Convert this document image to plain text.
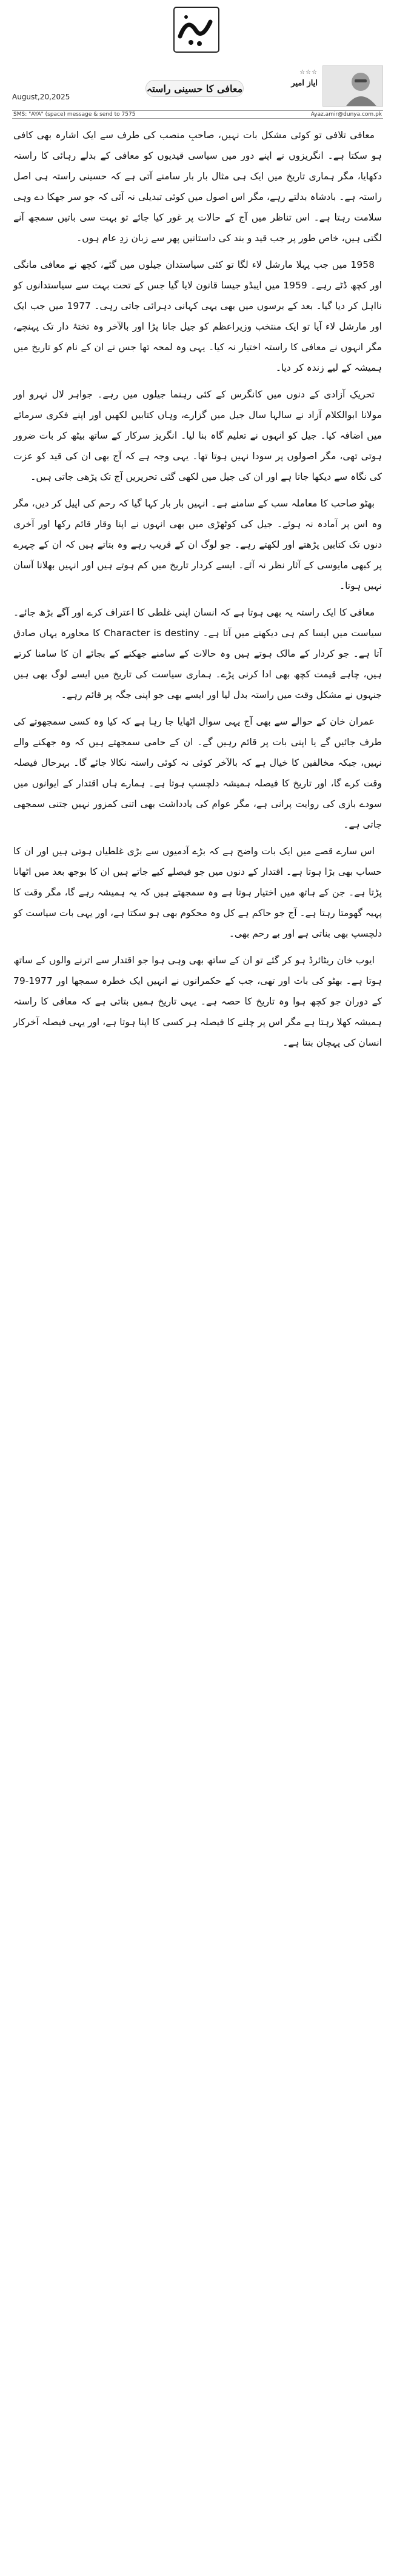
☆☆☆
ایاز امیر
معافی کا حسینی راستہ
August,20,2025
SMS: "AYA" (space) message & send to 7575	Ayaz.amir@dunya.com.pk

معافی تلافی تو کوئی مشکل بات نہیں، صاحبِ منصب کی طرف سے ایک اشارہ بھی کافی ہو سکتا ہے۔ انگریزوں نے اپنے دور میں سیاسی قیدیوں کو معافی کے بدلے رہائی کا راستہ دکھایا، مگر ہماری تاریخ میں ایک ہی مثال بار بار سامنے آتی ہے کہ حسینی راستہ ہی اصل راستہ ہے۔ بادشاہ بدلتے رہے، مگر اس اصول میں کوئی تبدیلی نہ آئی کہ جو سر جھکا دے وہی سلامت رہتا ہے۔ اس تناظر میں آج کے حالات پر غور کیا جائے تو بہت سی باتیں سمجھ آنے لگتی ہیں، خاص طور پر جب قید و بند کی داستانیں پھر سے زبان زدِ عام ہوں۔

1958 میں جب پہلا مارشل لاء لگا تو کئی سیاستدان جیلوں میں گئے، کچھ نے معافی مانگی اور کچھ ڈٹے رہے۔ 1959 میں ایبڈو جیسا قانون لایا گیا جس کے تحت بہت سے سیاستدانوں کو نااہل کر دیا گیا۔ بعد کے برسوں میں بھی یہی کہانی دہرائی جاتی رہی۔ 1977 میں جب ایک اور مارشل لاء آیا تو ایک منتخب وزیراعظم کو جیل جانا پڑا اور بالآخر وہ تختۂ دار تک پہنچے، مگر انہوں نے معافی کا راستہ اختیار نہ کیا۔ یہی وہ لمحہ تھا جس نے ان کے نام کو تاریخ میں ہمیشہ کے لیے زندہ کر دیا۔

تحریکِ آزادی کے دنوں میں کانگرس کے کئی رہنما جیلوں میں رہے۔ جواہر لال نہرو اور مولانا ابوالکلام آزاد نے سالہا سال جیل میں گزارے، وہاں کتابیں لکھیں اور اپنے فکری سرمائے میں اضافہ کیا۔ جیل کو انہوں نے تعلیم گاہ بنا لیا۔ انگریز سرکار کے ساتھ بیٹھ کر بات ضرور ہوتی تھی، مگر اصولوں پر سودا نہیں ہوتا تھا۔ یہی وجہ ہے کہ آج بھی ان کی قید کو عزت کی نگاہ سے دیکھا جاتا ہے اور ان کی جیل میں لکھی گئی تحریریں آج تک پڑھی جاتی ہیں۔

بھٹو صاحب کا معاملہ سب کے سامنے ہے۔ انہیں بار بار کہا گیا کہ رحم کی اپیل کر دیں، مگر وہ اس پر آمادہ نہ ہوئے۔ جیل کی کوٹھڑی میں بھی انہوں نے اپنا وقار قائم رکھا اور آخری دنوں تک کتابیں پڑھتے اور لکھتے رہے۔ جو لوگ ان کے قریب رہے وہ بتاتے ہیں کہ ان کے چہرے پر کبھی مایوسی کے آثار نظر نہ آئے۔ ایسے کردار تاریخ میں کم ہوتے ہیں اور انہیں بھلانا آسان نہیں ہوتا۔

معافی کا ایک راستہ یہ بھی ہوتا ہے کہ انسان اپنی غلطی کا اعتراف کرے اور آگے بڑھ جائے۔ سیاست میں ایسا کم ہی دیکھنے میں آتا ہے۔ Character is destiny کا محاورہ یہاں صادق آتا ہے۔ جو کردار کے مالک ہوتے ہیں وہ حالات کے سامنے جھکنے کے بجائے ان کا سامنا کرتے ہیں، چاہے قیمت کچھ بھی ادا کرنی پڑے۔ ہماری سیاست کی تاریخ میں ایسے لوگ بھی ہیں جنہوں نے مشکل وقت میں راستہ بدل لیا اور ایسے بھی جو اپنی جگہ پر قائم رہے۔

عمران خان کے حوالے سے بھی آج یہی سوال اٹھایا جا رہا ہے کہ کیا وہ کسی سمجھوتے کی طرف جائیں گے یا اپنی بات پر قائم رہیں گے۔ ان کے حامی سمجھتے ہیں کہ وہ جھکنے والے نہیں، جبکہ مخالفین کا خیال ہے کہ بالآخر کوئی نہ کوئی راستہ نکالا جائے گا۔ بہرحال فیصلہ وقت کرے گا، اور تاریخ کا فیصلہ ہمیشہ دلچسپ ہوتا ہے۔ ہمارے ہاں اقتدار کے ایوانوں میں سودے بازی کی روایت پرانی ہے، مگر عوام کی یادداشت بھی اتنی کمزور نہیں جتنی سمجھی جاتی ہے۔

اس سارے قصے میں ایک بات واضح ہے کہ بڑے آدمیوں سے بڑی غلطیاں ہوتی ہیں اور ان کا حساب بھی بڑا ہوتا ہے۔ اقتدار کے دنوں میں جو فیصلے کیے جاتے ہیں ان کا بوجھ بعد میں اٹھانا پڑتا ہے۔ جن کے ہاتھ میں اختیار ہوتا ہے وہ سمجھتے ہیں کہ یہ ہمیشہ رہے گا، مگر وقت کا پہیہ گھومتا رہتا ہے۔ آج جو حاکم ہے کل وہ محکوم بھی ہو سکتا ہے، اور یہی بات سیاست کو دلچسپ بھی بناتی ہے اور بے رحم بھی۔

ایوب خان ریٹائرڈ ہو کر گئے تو ان کے ساتھ بھی وہی ہوا جو اقتدار سے اترنے والوں کے ساتھ ہوتا ہے۔ بھٹو کی بات اور تھی، جب کے حکمرانوں نے انہیں ایک خطرہ سمجھا اور 1977-79 کے دوران جو کچھ ہوا وہ تاریخ کا حصہ ہے۔ یہی تاریخ ہمیں بتاتی ہے کہ معافی کا راستہ ہمیشہ کھلا رہتا ہے مگر اس پر چلنے کا فیصلہ ہر کسی کا اپنا ہوتا ہے، اور یہی فیصلہ آخرکار انسان کی پہچان بنتا ہے۔
